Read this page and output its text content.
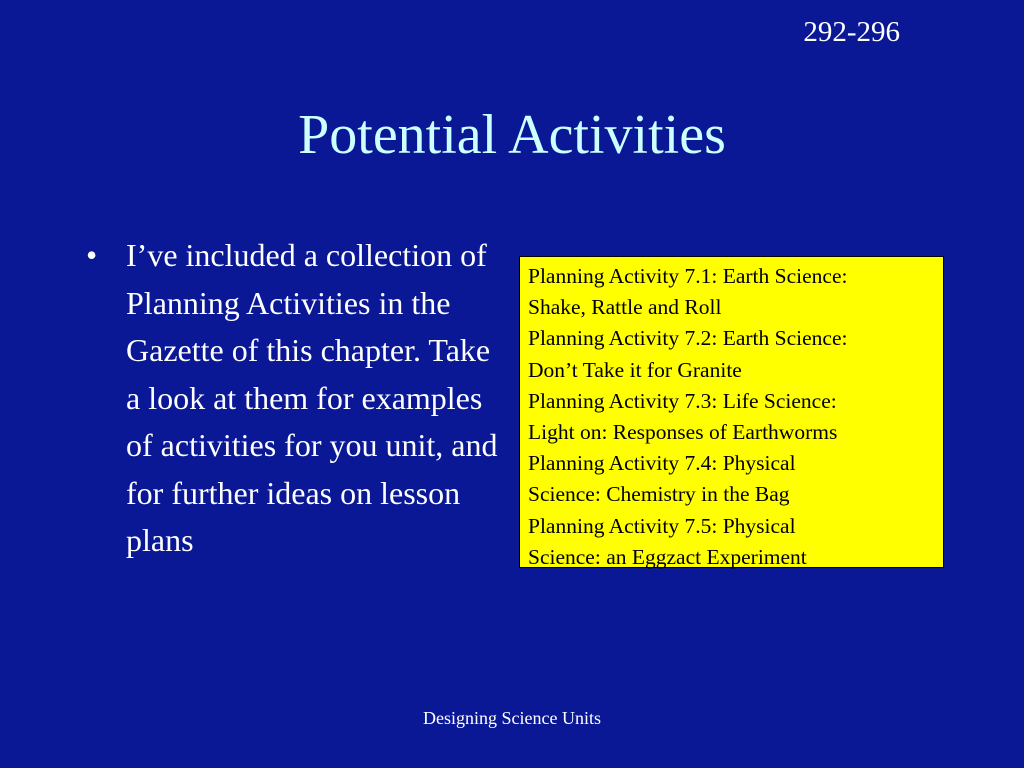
292-296
Potential Activities
• I’ve included a collection of Planning Activities in the Gazette of this chapter. Take a look at them for examples of activities for you unit, and for further ideas on lesson plans
Planning Activity 7.1: Earth Science:
Shake, Rattle and Roll
Planning Activity 7.2: Earth Science:
Don’t Take it for Granite
Planning Activity 7.3: Life Science:
Light on: Responses of Earthworms
Planning Activity 7.4: Physical
Science: Chemistry in the Bag
Planning Activity 7.5: Physical
Science: an Eggzact Experiment
Designing Science Units
